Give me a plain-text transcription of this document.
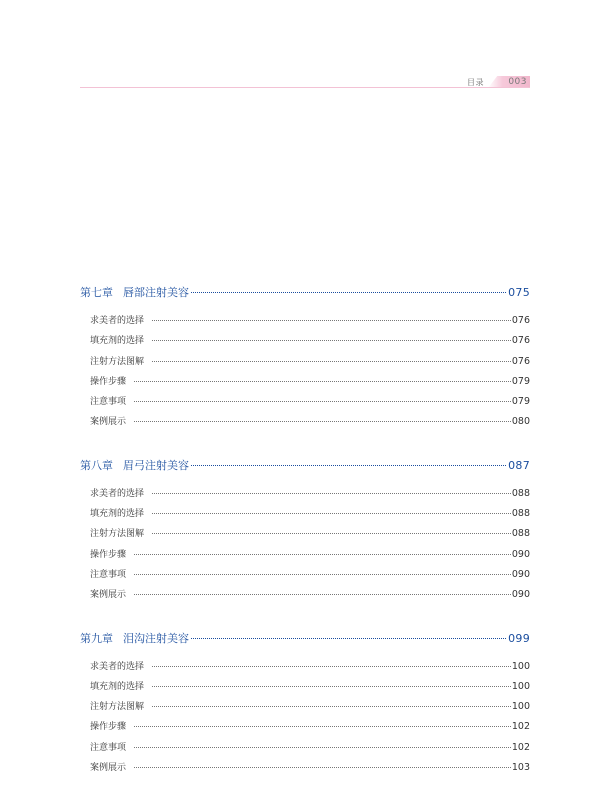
目录	003
第七章 唇部注射美容	075
求美者的选择	076
填充剂的选择	076
注射方法图解	076
操作步骤	079
注意事项	079
案例展示	080
第八章 眉弓注射美容	087
求美者的选择	088
填充剂的选择	088
注射方法图解	088
操作步骤	090
注意事项	090
案例展示	090
第九章 泪沟注射美容	099
求美者的选择	100
填充剂的选择	100
注射方法图解	100
操作步骤	102
注意事项	102
案例展示	103
